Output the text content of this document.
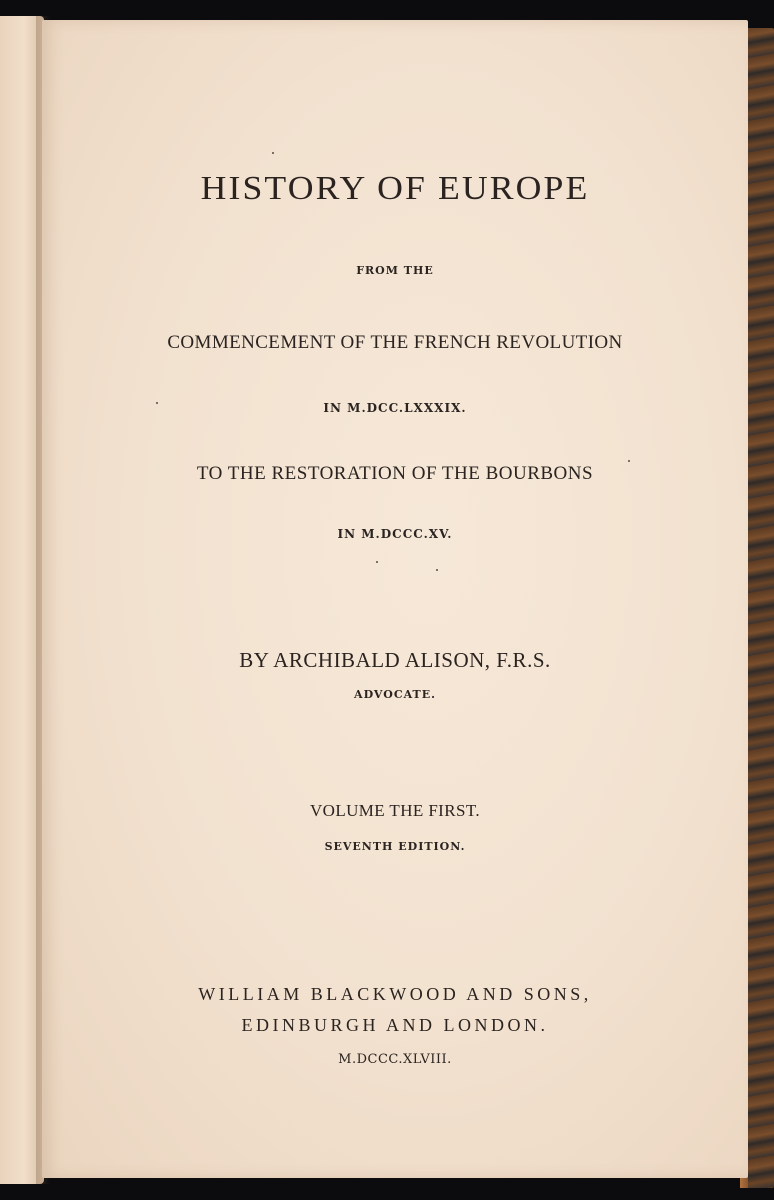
HISTORY OF EUROPE
FROM THE
COMMENCEMENT OF THE FRENCH REVOLUTION
IN M.DCC.LXXXIX.
TO THE RESTORATION OF THE BOURBONS
IN M.DCCC.XV.
BY ARCHIBALD ALISON, F.R.S.
ADVOCATE.
VOLUME THE FIRST.
SEVENTH EDITION.
WILLIAM BLACKWOOD AND SONS,
EDINBURGH AND LONDON.
M.DCCC.XLVIII.
